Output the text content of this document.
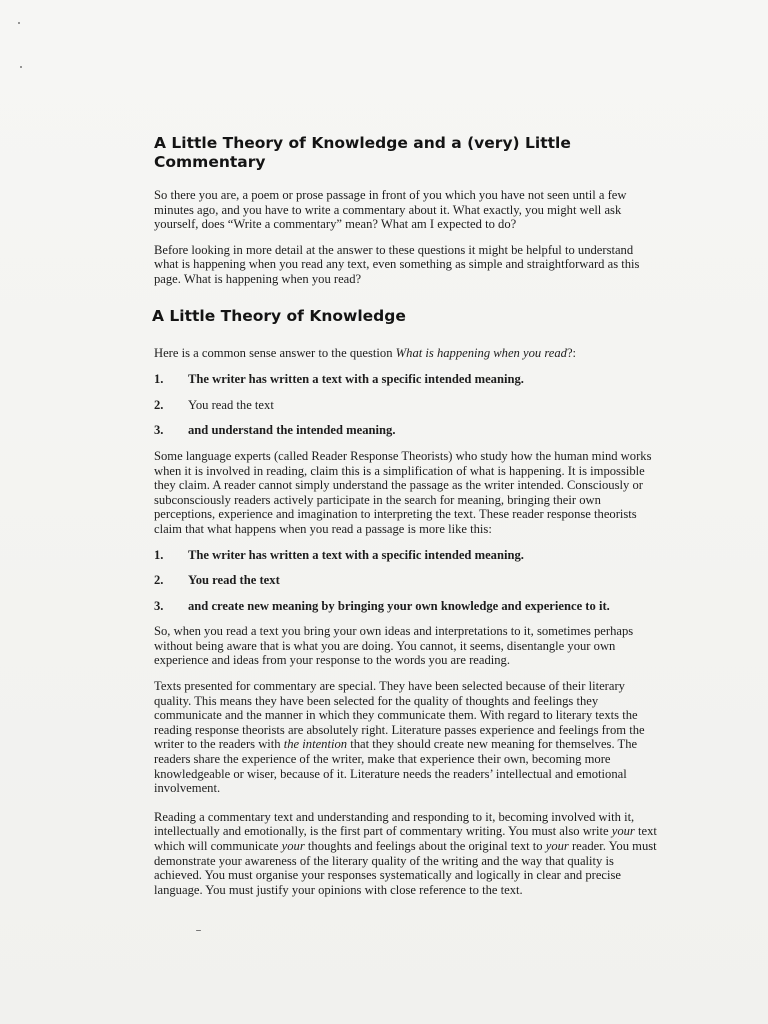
A Little Theory of Knowledge and a (very) Little Commentary

So there you are, a poem or prose passage in front of you which you have not seen until a few minutes ago, and you have to write a commentary about it. What exactly, you might well ask yourself, does “Write a commentary” mean? What am I expected to do?

Before looking in more detail at the answer to these questions it might be helpful to understand what is happening when you read any text, even something as simple and straightforward as this page. What is happening when you read?

A Little Theory of Knowledge

Here is a common sense answer to the question What is happening when you read?:

1.	The writer has written a text with a specific intended meaning.
2.	You read the text
3.	and understand the intended meaning.

Some language experts (called Reader Response Theorists) who study how the human mind works when it is involved in reading, claim this is a simplification of what is happening. It is impossible they claim. A reader cannot simply understand the passage as the writer intended. Consciously or subconsciously readers actively participate in the search for meaning, bringing their own perceptions, experience and imagination to interpreting the text. These reader response theorists claim that what happens when you read a passage is more like this:

1.	The writer has written a text with a specific intended meaning.
2.	You read the text
3.	and create new meaning by bringing your own knowledge and experience to it.

So, when you read a text you bring your own ideas and interpretations to it, sometimes perhaps without being aware that is what you are doing. You cannot, it seems, disentangle your own experience and ideas from your response to the words you are reading.

Texts presented for commentary are special. They have been selected because of their literary quality. This means they have been selected for the quality of thoughts and feelings they communicate and the manner in which they communicate them. With regard to literary texts the reading response theorists are absolutely right. Literature passes experience and feelings from the writer to the readers with the intention that they should create new meaning for themselves. The readers share the experience of the writer, make that experience their own, becoming more knowledgeable or wiser, because of it. Literature needs the readers’ intellectual and emotional involvement.

Reading a commentary text and understanding and responding to it, becoming involved with it, intellectually and emotionally, is the first part of commentary writing. You must also write your text which will communicate your thoughts and feelings about the original text to your reader. You must demonstrate your awareness of the literary quality of the writing and the way that quality is achieved. You must organise your responses systematically and logically in clear and precise language. You must justify your opinions with close reference to the text.
